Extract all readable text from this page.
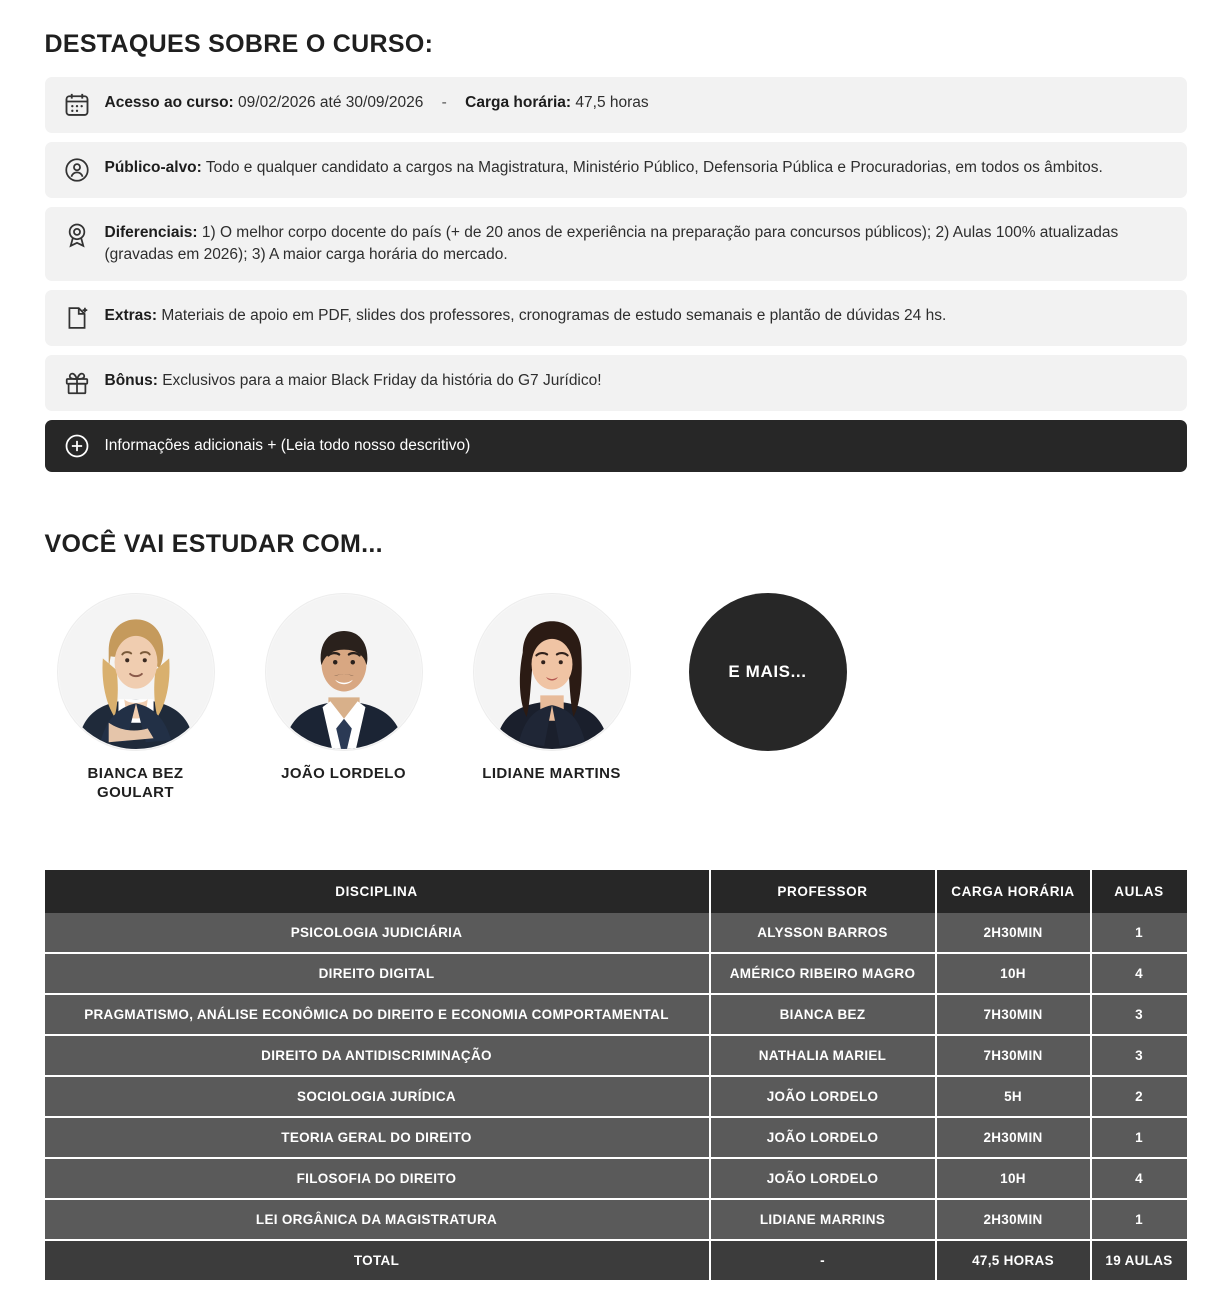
DESTAQUES SOBRE O CURSO:
Acesso ao curso: 09/02/2026 até 30/09/2026 - Carga horária: 47,5 horas
Público-alvo: Todo e qualquer candidato a cargos na Magistratura, Ministério Público, Defensoria Pública e Procuradorias, em todos os âmbitos.
Diferenciais: 1) O melhor corpo docente do país (+ de 20 anos de experiência na preparação para concursos públicos); 2) Aulas 100% atualizadas (gravadas em 2026); 3) A maior carga horária do mercado.
Extras: Materiais de apoio em PDF, slides dos professores, cronogramas de estudo semanais e plantão de dúvidas 24 hs.
Bônus: Exclusivos para a maior Black Friday da história do G7 Jurídico!
Informações adicionais + (Leia todo nosso descritivo)
VOCÊ VAI ESTUDAR COM...
BIANCA BEZ GOULART
JOÃO LORDELO	LIDIANE MARTINS
E MAIS...
DISCIPLINA	PROFESSOR	CARGA HORÁRIA	AULAS
PSICOLOGIA JUDICIÁRIA	ALYSSON BARROS	2H30MIN	1
DIREITO DIGITAL	AMÉRICO RIBEIRO MAGRO	10H	4
PRAGMATISMO, ANÁLISE ECONÔMICA DO DIREITO E ECONOMIA COMPORTAMENTAL	BIANCA BEZ	7H30MIN	3
DIREITO DA ANTIDISCRIMINAÇÃO	NATHALIA MARIEL	7H30MIN	3
SOCIOLOGIA JURÍDICA	JOÃO LORDELO	5H	2
TEORIA GERAL DO DIREITO	JOÃO LORDELO	2H30MIN	1
FILOSOFIA DO DIREITO	JOÃO LORDELO	10H	4
LEI ORGÂNICA DA MAGISTRATURA	LIDIANE MARRINS	2H30MIN	1
TOTAL	-	47,5 HORAS	19 AULAS
